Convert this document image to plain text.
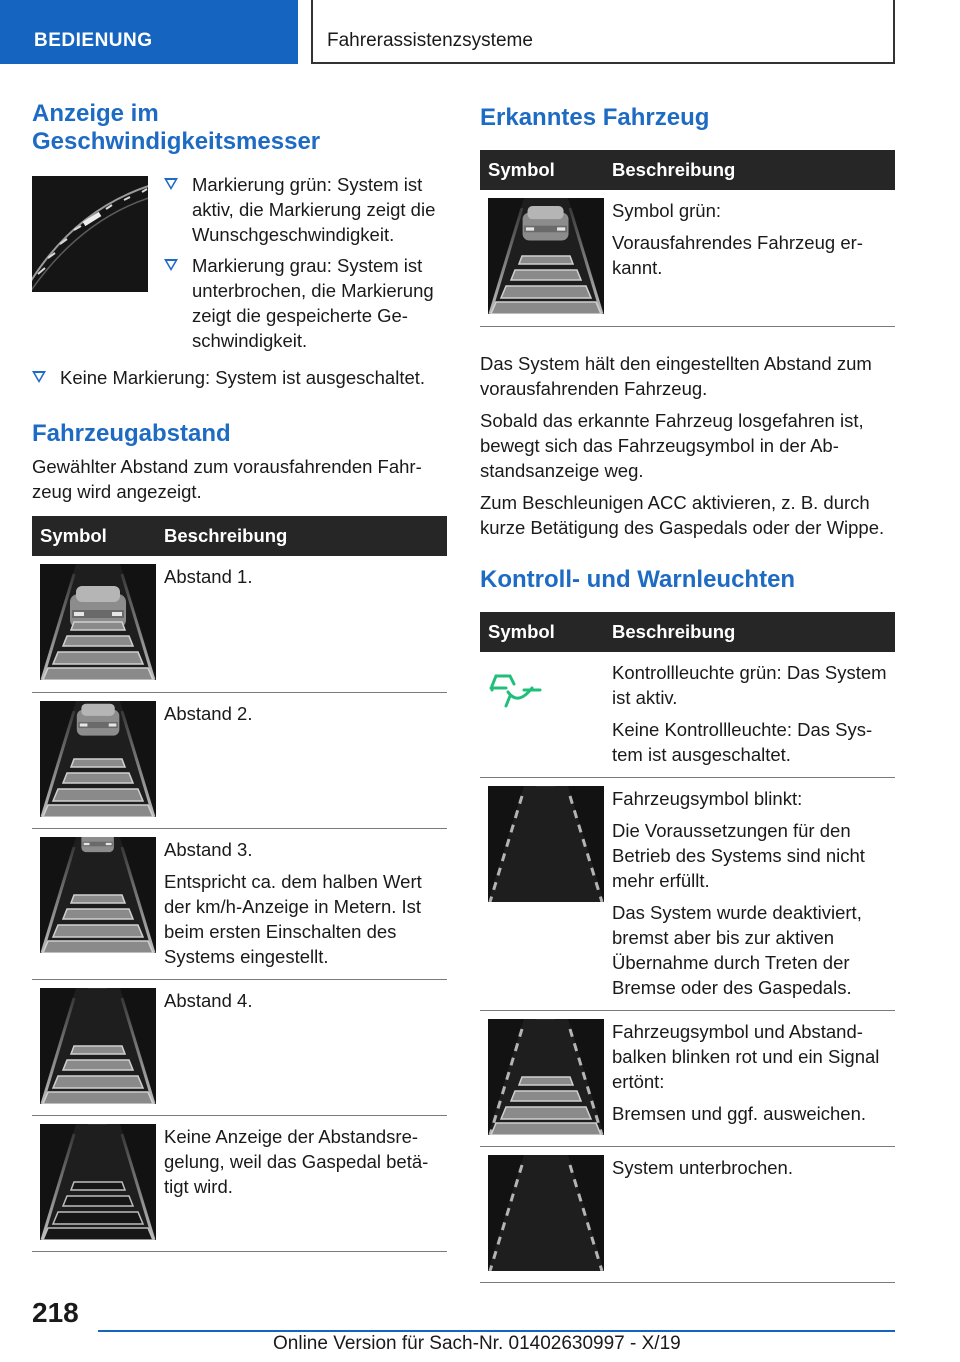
BEDIENUNG	Fahrerassistenzsysteme
Anzeige im Geschwindigkeitsmesser
Markierung grün: System ist aktiv, die Markierung zeigt die Wunschgeschwindigkeit.
Markierung grau: System ist unterbrochen, die Markierung zeigt die gespeicherte Geschwindigkeit.
Keine Markierung: System ist ausgeschaltet.
Fahrzeugabstand

Gewählter Abstand zum vorausfahrenden Fahrzeug wird angezeigt.

Symbol	Beschreibung

Abstand 1.

Abstand 2.

Abstand 3.

Entspricht ca. dem halben Wert der km/h-Anzeige in Metern. Ist beim ersten Einschalten des Systems eingestellt.

Abstand 4.

Keine Anzeige der Abstandsregelung, weil das Gaspedal betätigt wird.

Erkanntes Fahrzeug
Symbol	Beschreibung

Symbol grün:

Vorausfahrendes Fahrzeug erkannt.

Das System hält den eingestellten Abstand zum vorausfahrenden Fahrzeug.

Sobald das erkannte Fahrzeug losgefahren ist, bewegt sich das Fahrzeugsymbol in der Abstandsanzeige weg.

Zum Beschleunigen ACC aktivieren, z. B. durch kurze Betätigung des Gaspedals oder der Wippe.

Kontroll- und Warnleuchten
Symbol	Beschreibung

Kontrollleuchte grün: Das System ist aktiv.

Keine Kontrollleuchte: Das System ist ausgeschaltet.

Fahrzeugsymbol blinkt:

Die Voraussetzungen für den Betrieb des Systems sind nicht mehr erfüllt.

Das System wurde deaktiviert, bremst aber bis zur aktiven Übernahme durch Treten der Bremse oder des Gaspedals.

Fahrzeugsymbol und Abstandbalken blinken rot und ein Signal ertönt:

Bremsen und ggf. ausweichen.

System unterbrochen.

218
Online Version für Sach-Nr. 01402630997 - X/19
